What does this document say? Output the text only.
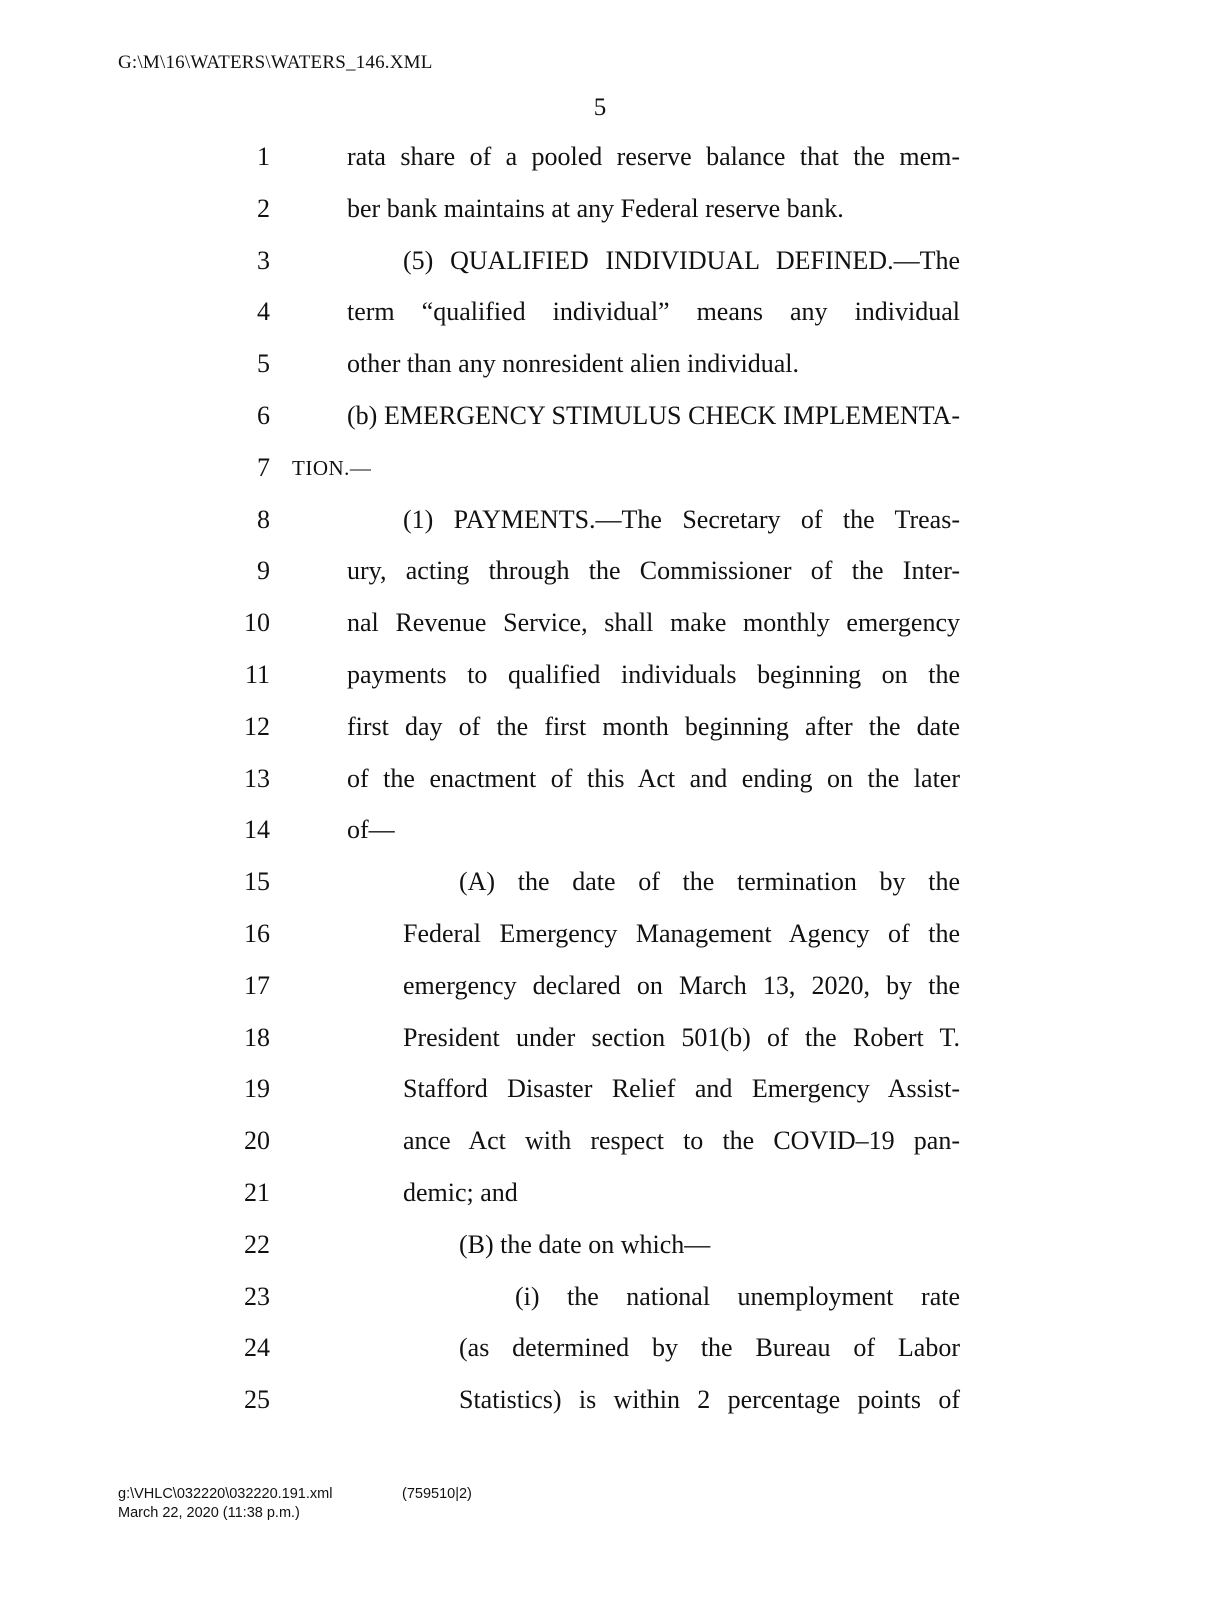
G:\M\16\WATERS\WATERS_146.XML
5
1	rata share of a pooled reserve balance that the mem-
2	ber bank maintains at any Federal reserve bank.
3	(5) QUALIFIED INDIVIDUAL DEFINED.—The
4	term “qualified individual” means any individual
5	other than any nonresident alien individual.
6	(b) EMERGENCY STIMULUS CHECK IMPLEMENTA-
7 TION.—
8	(1) PAYMENTS.—The Secretary of the Treas-
9	ury, acting through the Commissioner of the Inter-
10	nal Revenue Service, shall make monthly emergency
11	payments to qualified individuals beginning on the
12	first day of the first month beginning after the date
13	of the enactment of this Act and ending on the later
14	of—
15	(A) the date of the termination by the
16	Federal Emergency Management Agency of the
17	emergency declared on March 13, 2020, by the
18	President under section 501(b) of the Robert T.
19	Stafford Disaster Relief and Emergency Assist-
20	ance Act with respect to the COVID–19 pan-
21	demic; and
22	(B) the date on which—
23	(i) the national unemployment rate
24	(as determined by the Bureau of Labor
25	Statistics) is within 2 percentage points of
g:\VHLC\032220\032220.191.xml	(759510|2)
March 22, 2020 (11:38 p.m.)
